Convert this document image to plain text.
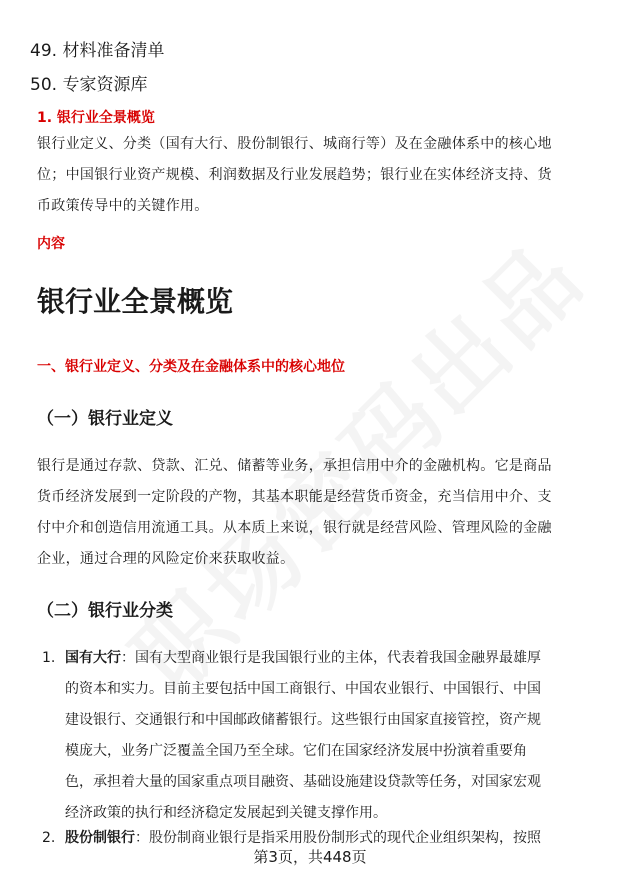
49. 材料准备清单
50. 专家资源库
1. 银行业全景概览
银行业定义、分类（国有大行、股份制银行、城商行等）及在金融体系中的核心地
位；中国银行业资产规模、利润数据及行业发展趋势；银行业在实体经济支持、货
币政策传导中的关键作用。
内容
银行业全景概览
一、银行业定义、分类及在金融体系中的核心地位
（一）银行业定义
银行是通过存款、贷款、汇兑、储蓄等业务，承担信用中介的金融机构。它是商品
货币经济发展到一定阶段的产物，其基本职能是经营货币资金，充当信用中介、支
付中介和创造信用流通工具。从本质上来说，银行就是经营风险、管理风险的金融
企业，通过合理的风险定价来获取收益。
（二）银行业分类
1. 国有大行：国有大型商业银行是我国银行业的主体，代表着我国金融界最雄厚
的资本和实力。目前主要包括中国工商银行、中国农业银行、中国银行、中国
建设银行、交通银行和中国邮政储蓄银行。这些银行由国家直接管控，资产规
模庞大，业务广泛覆盖全国乃至全球。它们在国家经济发展中扮演着重要角
色，承担着大量的国家重点项目融资、基础设施建设贷款等任务，对国家宏观
经济政策的执行和经济稳定发展起到关键支撑作用。
2. 股份制银行：股份制商业银行是指采用股份制形式的现代企业组织架构，按照
第3页，共448页
